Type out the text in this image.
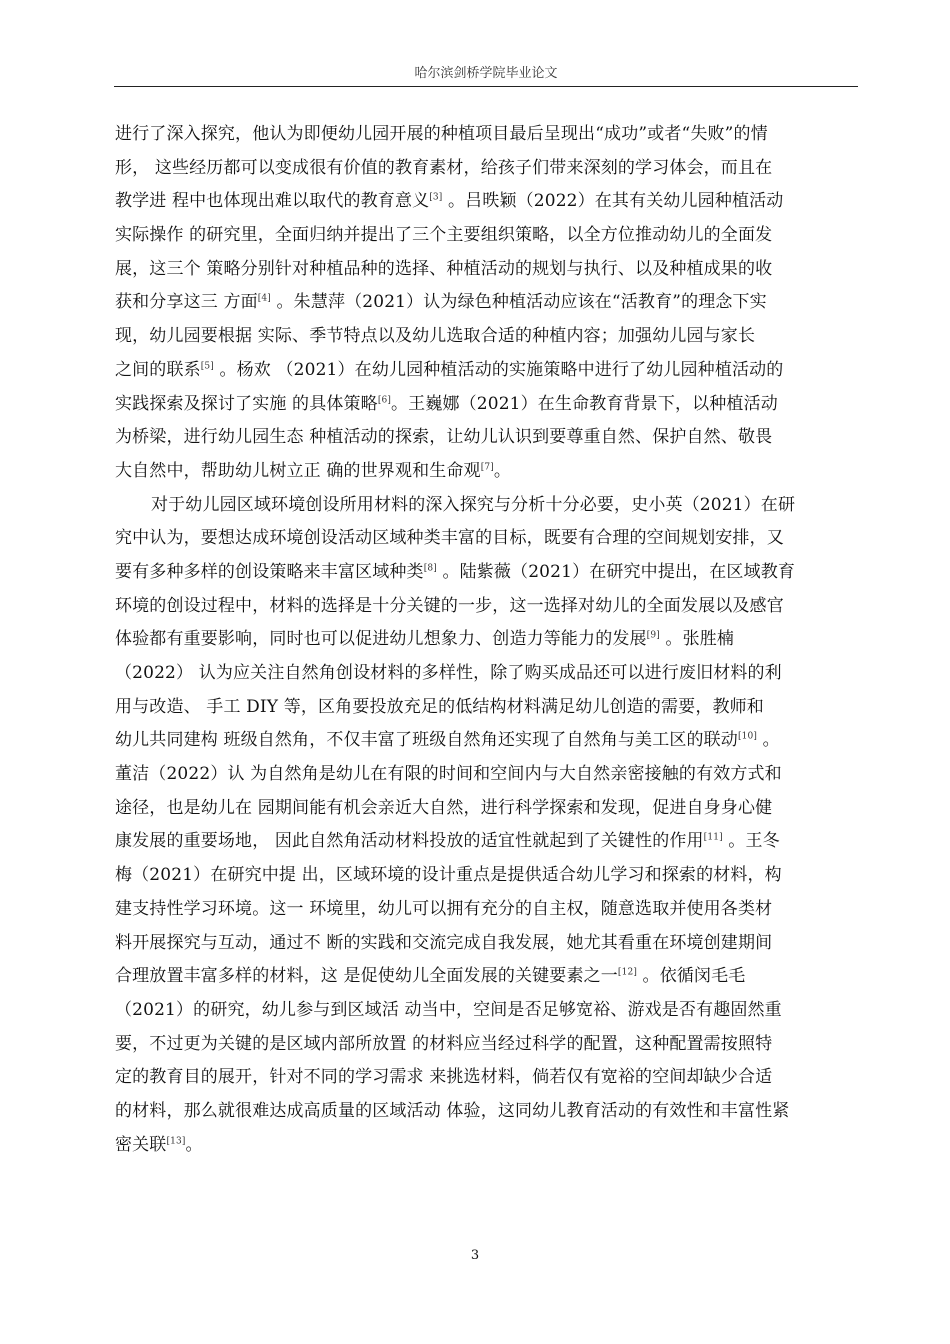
哈尔滨剑桥学院毕业论文
进行了深入探究，他认为即便幼儿园开展的种植项目最后呈现出“成功”或者“失败”的情
形， 这些经历都可以变成很有价值的教育素材，给孩子们带来深刻的学习体会，而且在
教学进 程中也体现出难以取代的教育意义[3] 。吕昳颖（2022）在其有关幼儿园种植活动
实际操作 的研究里，全面归纳并提出了三个主要组织策略，以全方位推动幼儿的全面发
展，这三个 策略分别针对种植品种的选择、种植活动的规划与执行、以及种植成果的收
获和分享这三 方面[4] 。朱慧萍（2021）认为绿色种植活动应该在“活教育”的理念下实
现，幼儿园要根据 实际、季节特点以及幼儿选取合适的种植内容；加强幼儿园与家长
之间的联系[5] 。杨欢 （2021）在幼儿园种植活动的实施策略中进行了幼儿园种植活动的
实践探索及探讨了实施 的具体策略[6]。王巍娜（2021）在生命教育背景下，以种植活动
为桥梁，进行幼儿园生态 种植活动的探索，让幼儿认识到要尊重自然、保护自然、敬畏
大自然中，帮助幼儿树立正 确的世界观和生命观[7]。
对于幼儿园区域环境创设所用材料的深入探究与分析十分必要，史小英（2021）在研
究中认为，要想达成环境创设活动区域种类丰富的目标，既要有合理的空间规划安排，又
要有多种多样的创设策略来丰富区域种类[8] 。陆紫薇（2021）在研究中提出，在区域教育
环境的创设过程中，材料的选择是十分关键的一步，这一选择对幼儿的全面发展以及感官
体验都有重要影响，同时也可以促进幼儿想象力、创造力等能力的发展[9] 。张胜楠
（2022） 认为应关注自然角创设材料的多样性，除了购买成品还可以进行废旧材料的利
用与改造、 手工 DIY 等，区角要投放充足的低结构材料满足幼儿创造的需要，教师和
幼儿共同建构 班级自然角，不仅丰富了班级自然角还实现了自然角与美工区的联动[10] 。
董洁（2022）认 为自然角是幼儿在有限的时间和空间内与大自然亲密接触的有效方式和
途径，也是幼儿在 园期间能有机会亲近大自然，进行科学探索和发现，促进自身身心健
康发展的重要场地， 因此自然角活动材料投放的适宜性就起到了关键性的作用[11] 。王冬
梅（2021）在研究中提 出，区域环境的设计重点是提供适合幼儿学习和探索的材料，构
建支持性学习环境。这一 环境里，幼儿可以拥有充分的自主权，随意选取并使用各类材
料开展探究与互动，通过不 断的实践和交流完成自我发展，她尤其看重在环境创建期间
合理放置丰富多样的材料，这 是促使幼儿全面发展的关键要素之一[12] 。依循闵毛毛
（2021）的研究，幼儿参与到区域活 动当中，空间是否足够宽裕、游戏是否有趣固然重
要，不过更为关键的是区域内部所放置 的材料应当经过科学的配置，这种配置需按照特
定的教育目的展开，针对不同的学习需求 来挑选材料，倘若仅有宽裕的空间却缺少合适
的材料，那么就很难达成高质量的区域活动 体验，这同幼儿教育活动的有效性和丰富性紧
密关联[13]。
3
